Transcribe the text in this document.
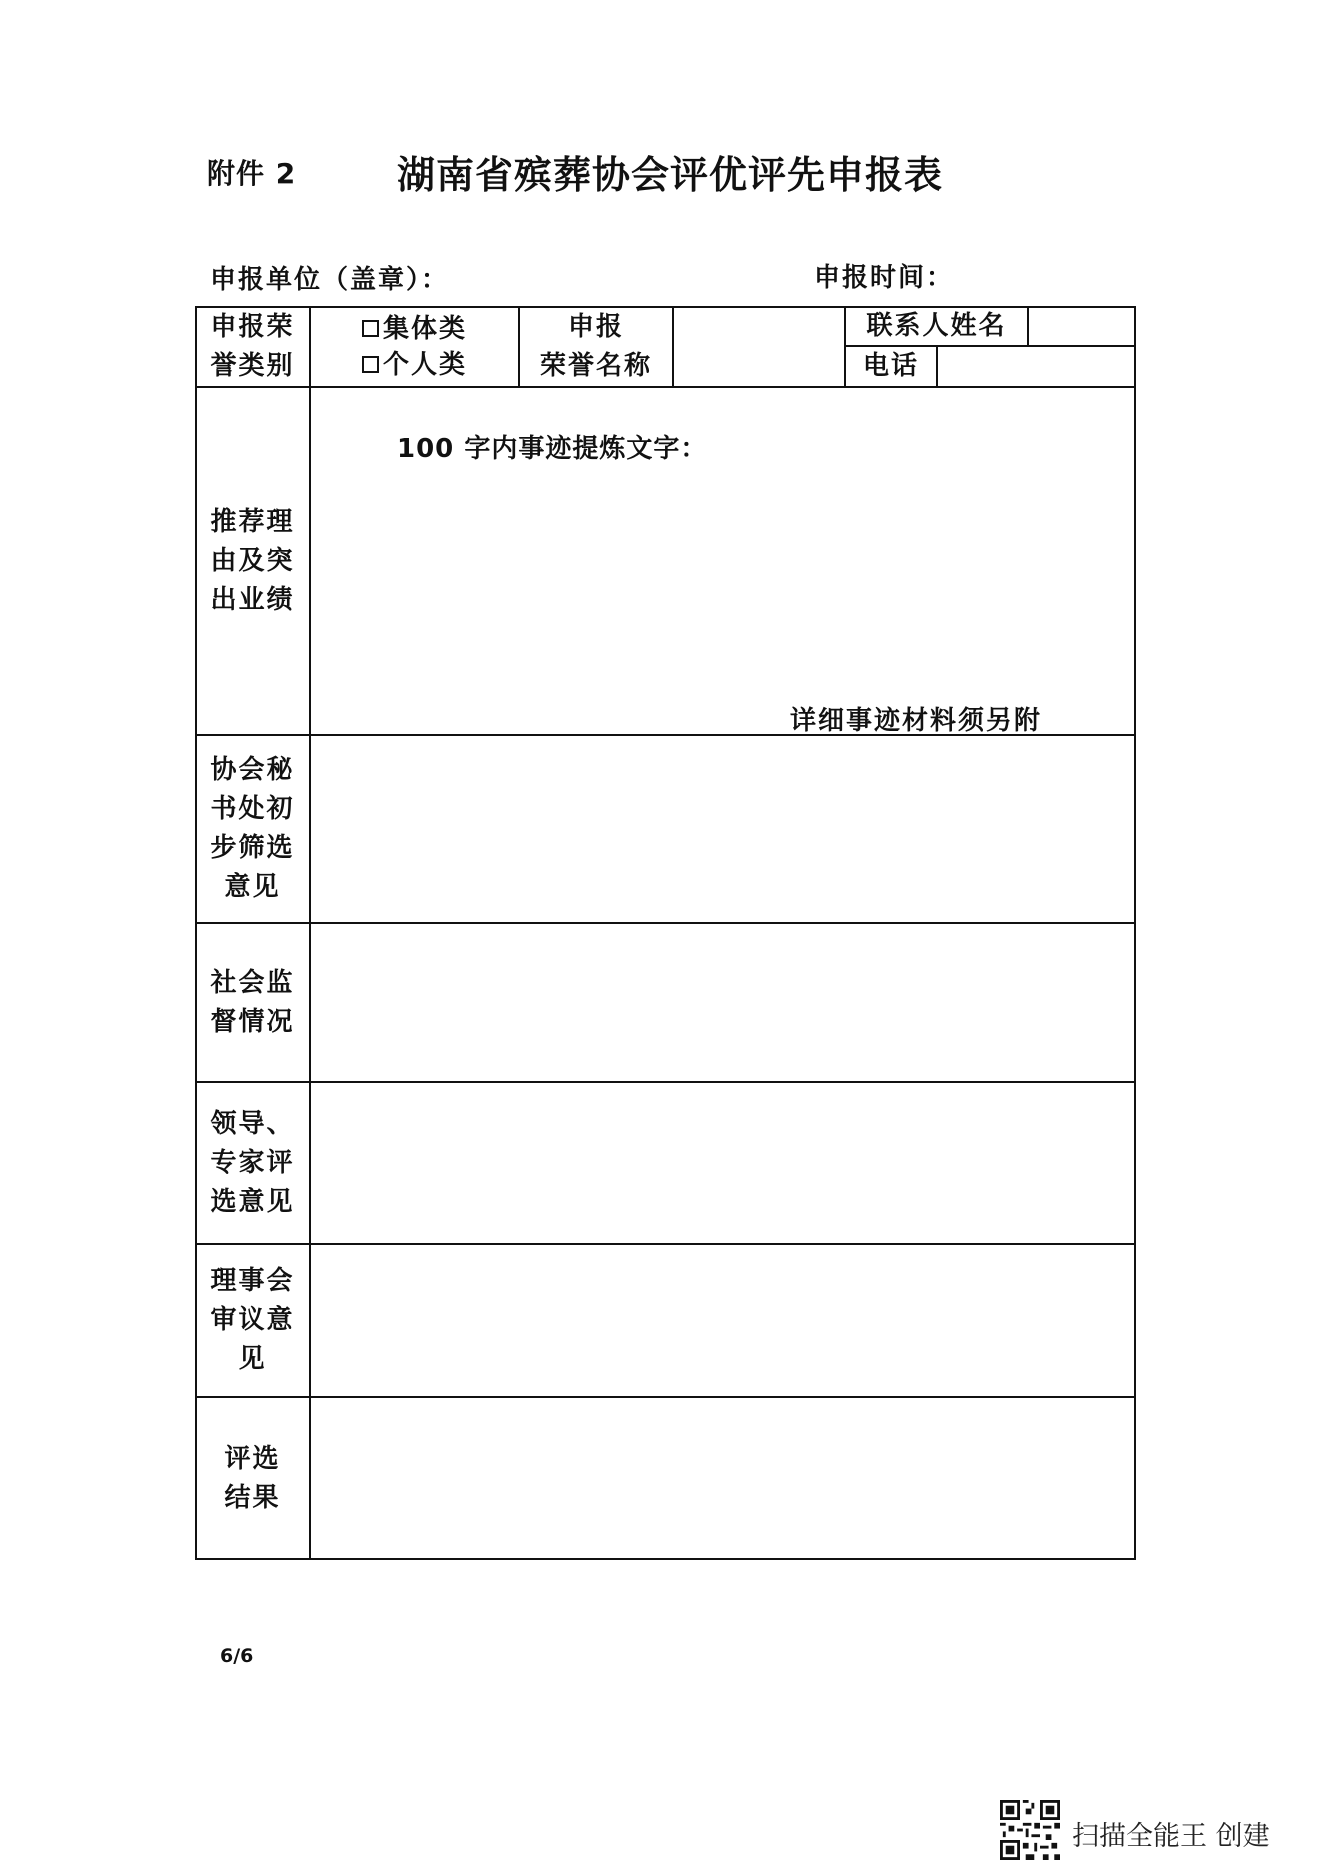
附件 2	湖南省殡葬协会评优评先申报表
申报单位（盖章）：	申报时间：
申报荣
誉类别
集体类
个人类
申报
荣誉名称
联系人姓名
电话
推荐理
由及突
出业绩
100 字内事迹提炼文字：
详细事迹材料须另附
协会秘
书处初
步筛选
意见
社会监
督情况
领导、
专家评
选意见
理事会
审议意
见
评选
结果
6/6
扫描全能王 创建
